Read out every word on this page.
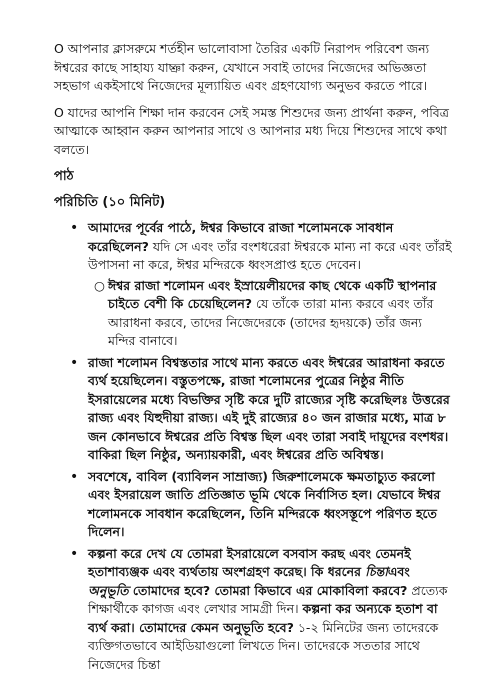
O আপনার ক্লাসরুমে শর্তহীন ভালোবাসা তৈরির একটি নিরাপদ পরিবেশ জন্য ঈশ্বরের কাছে সাহায্য যাচ্ঞা করুন, যেখানে সবাই তাদের নিজেদের অভিজ্ঞতা সহভাগ একইসাথে নিজেদের মূল্যায়িত এবং গ্রহণযোগ্য অনুভব করতে পারে।

O যাদের আপনি শিক্ষা দান করবেন সেই সমস্ত শিশুদের জন্য প্রার্থনা করুন, পবিত্র আত্মাকে আহ্বান করুন আপনার সাথে ও আপনার মধ্য দিয়ে শিশুদের সাথে কথা বলতে।

পাঠ

পরিচিতি (১০ মিনিট)

• আমাদের পূর্বের পাঠে, ঈশ্বর কিভাবে রাজা শলোমনকে সাবধান করেছিলেন? যদি সে এবং তাঁর বংশধরেরা ঈশ্বরকে মান্য না করে এবং তাঁরই উপাসনা না করে, ঈশ্বর মন্দিরকে ধ্বংসপ্রাপ্ত হতে দেবেন।
○ ঈশ্বর রাজা শলোমন এবং ইস্রায়েলীয়দের কাছ থেকে একটি স্থাপনার চাইতে বেশী কি চেয়েছিলেন? যে তাঁকে তারা মান্য করবে এবং তাঁর আরাধনা করবে, তাদের নিজেদেরকে (তাদের হৃদয়কে) তাঁর জন্য মন্দির বানাবে।
• রাজা শলোমন বিশ্বস্ততার সাথে মান্য করতে এবং ঈশ্বরের আরাধনা করতে ব্যর্থ হয়েছিলেন। বস্তুতপক্ষে, রাজা শলোমনের পুত্রের নিষ্ঠুর নীতি ইসরায়েলের মধ্যে বিভক্তির সৃষ্টি করে দুটি রাজ্যের সৃষ্টি করেছিলঃ উত্তরের রাজ্য এবং যিহুদীয়া রাজ্য। এই দুই রাজ্যের ৪০ জন রাজার মধ্যে, মাত্র ৮ জন কোনভাবে ঈশ্বরের প্রতি বিশ্বস্ত ছিল এবং তারা সবাই দায়ূদের বংশধর। বাকিরা ছিল নিষ্ঠুর, অন্যায়কারী, এবং ঈশ্বরের প্রতি অবিশ্বস্ত।
• সবশেষে, বাবিল (ব্যাবিলন সাম্রাজ্য) জিরুশালেমকে ক্ষমতাচ্যুত করলো এবং ইসরায়েল জাতি প্রতিজ্ঞাত ভূমি থেকে নির্বাসিত হল। যেভাবে ঈশ্বর শলোমনকে সাবধান করেছিলেন, তিনি মন্দিরকে ধ্বংসস্তূপে পরিণত হতে দিলেন।
• কল্পনা করে দেখ যে তোমরা ইসরায়েলে বসবাস করছ এবং তেমনই হতাশাব্যঞ্জক এবং ব্যর্থতায় অংশগ্রহণ করেছ। কি ধরনের চিন্তাএবং অনুভূতি তোমাদের হবে? তোমরা কিভাবে এর মোকাবিলা করবে? প্রত্যেক শিক্ষার্থীকে কাগজ এবং লেখার সামগ্রী দিন। কল্পনা কর অন্যকে হতাশ বা ব্যর্থ করা। তোমাদের কেমন অনুভূতি হবে? ১-২ মিনিটের জন্য তাদেরকে ব্যক্তিগতভাবে আইডিয়াগুলো লিখতে দিন। তাদেরকে সততার সাথে নিজেদের চিন্তা
